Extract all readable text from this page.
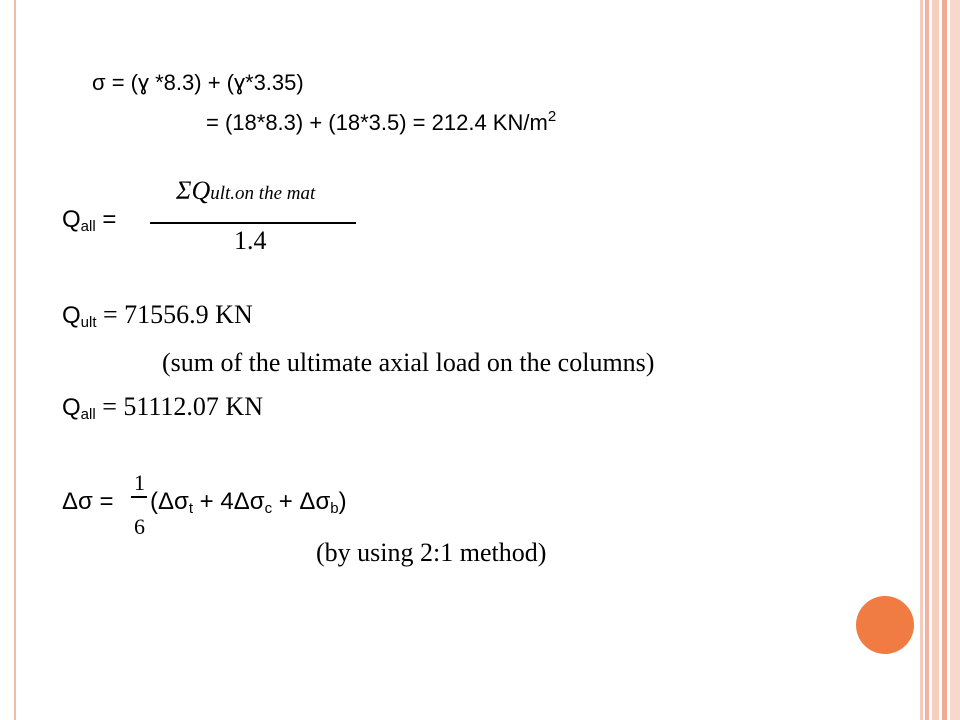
σ = (ɣ *8.3) + (ɣ*3.35)
= (18*8.3) + (18*3.5) = 212.4 $KN/m^2$
$Q_{all}$ =
ΣQult.on the mat
1.4
$Q_{ult} = 71556.9$ KN
(sum of the ultimate axial load on the columns)
$Q_{all} = 51112.07$ KN
Δσ =
1
6
$(\Delta\sigma_t + 4\Delta\sigma_c + \Delta\sigma_b)$
(by using 2:1 method)
